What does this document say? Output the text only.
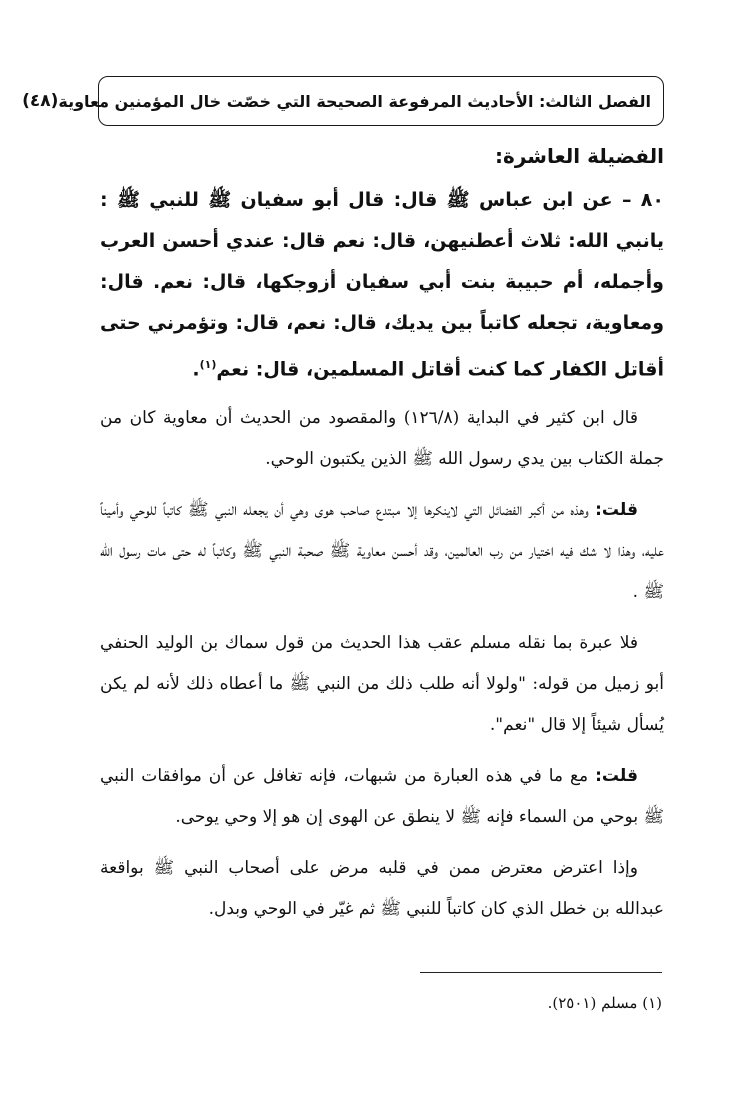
الفصل الثالث: الأحاديث المرفوعة الصحيحة التي خصّت خال المؤمنين معاوية
(٤٨)
الفضيلة العاشرة:

٨٠ – عن ابن عباس ﷺ قال: قال أبو سفيان ﷺ للنبي ﷺ : يانبي الله: ثلاث أعطنيهن، قال: نعم قال: عندي أحسن العرب وأجمله، أم حبيبة بنت أبي سفيان أزوجكها، قال: نعم. قال: ومعاوية، تجعله كاتباً بين يديك، قال: نعم، قال: وتؤمرني حتى أقاتل الكفار كما كنت أقاتل المسلمين، قال: نعم$^{(١)}$.

قال ابن كثير في البداية (١٢٦/٨) والمقصود من الحديث أن معاوية كان من جملة الكتاب بين يدي رسول الله ﷺ الذين يكتبون الوحي.

قلت: وهذه من أكبر الفضائل التي لاينكرها إلا مبتدع صاحب هوى وهي أن يجعله النبي ﷺ كاتباً للوحي وأميناً عليه، وهذا لا شك فيه اختيار من رب العالمين، وقد أحسن معاوية ﷺ صحبة النبي ﷺ وكاتباً له حتى مات رسول الله ﷺ .

فلا عبرة بما نقله مسلم عقب هذا الحديث من قول سماك بن الوليد الحنفي أبو زميل من قوله: "ولولا أنه طلب ذلك من النبي ﷺ ما أعطاه ذلك لأنه لم يكن يُسأل شيئاً إلا قال "نعم".

قلت: مع ما في هذه العبارة من شبهات، فإنه تغافل عن أن موافقات النبي ﷺ بوحي من السماء فإنه ﷺ لا ينطق عن الهوى إن هو إلا وحي يوحى.

وإذا اعترض معترض ممن في قلبه مرض على أصحاب النبي ﷺ بواقعة عبدالله بن خطل الذي كان كاتباً للنبي ﷺ ثم غيّر في الوحي وبدل.

(١) مسلم (٢٥٠١).
